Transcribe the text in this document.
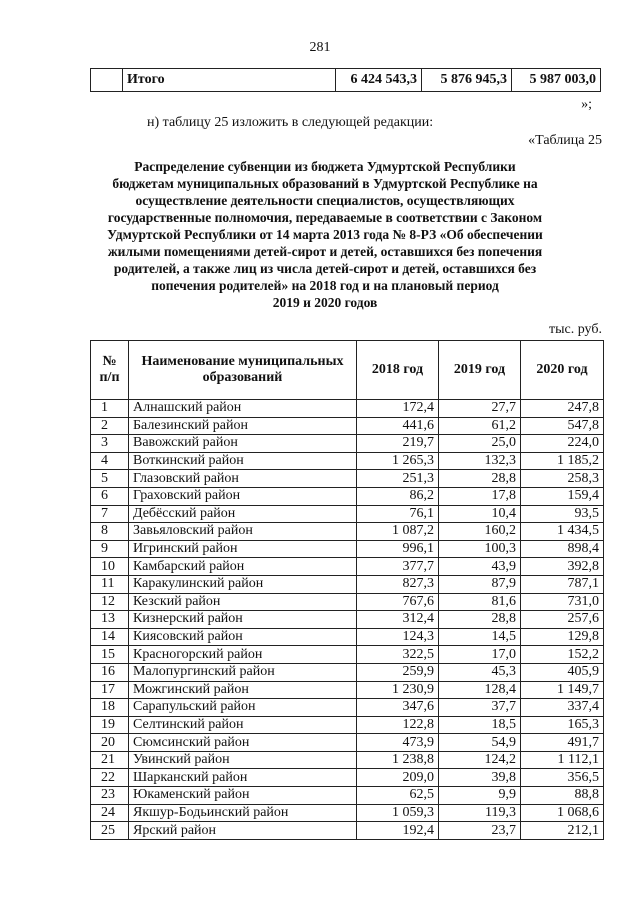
281
	Итого	6 424 543,3	5 876 945,3	5 987 003,0
»;
н) таблицу 25 изложить в следующей редакции:
«Таблица 25
Распределение субвенции из бюджета Удмуртской Республики
бюджетам муниципальных образований в Удмуртской Республике на
осуществление деятельности специалистов, осуществляющих
государственные полномочия, передаваемые в соответствии с Законом
Удмуртской Республики от 14 марта 2013 года № 8-РЗ «Об обеспечении
жилыми помещениями детей-сирот и детей, оставшихся без попечения
родителей, а также лиц из числа детей-сирот и детей, оставшихся без
попечения родителей» на 2018 год и на плановый период
2019 и 2020 годов
тыс. руб.
№ п/п	Наименование муниципальных образований	2018 год	2019 год	2020 год
1	Алнашский район	172,4	27,7	247,8
2	Балезинский район	441,6	61,2	547,8
3	Вавожский район	219,7	25,0	224,0
4	Воткинский район	1 265,3	132,3	1 185,2
5	Глазовский район	251,3	28,8	258,3
6	Граховский район	86,2	17,8	159,4
7	Дебёсский район	76,1	10,4	93,5
8	Завьяловский район	1 087,2	160,2	1 434,5
9	Игринский район	996,1	100,3	898,4
10	Камбарский район	377,7	43,9	392,8
11	Каракулинский район	827,3	87,9	787,1
12	Кезский район	767,6	81,6	731,0
13	Кизнерский район	312,4	28,8	257,6
14	Киясовский район	124,3	14,5	129,8
15	Красногорский район	322,5	17,0	152,2
16	Малопургинский район	259,9	45,3	405,9
17	Можгинский район	1 230,9	128,4	1 149,7
18	Сарапульский район	347,6	37,7	337,4
19	Селтинский район	122,8	18,5	165,3
20	Сюмсинский район	473,9	54,9	491,7
21	Увинский район	1 238,8	124,2	1 112,1
22	Шарканский район	209,0	39,8	356,5
23	Юкаменский район	62,5	9,9	88,8
24	Якшур-Бодьинский район	1 059,3	119,3	1 068,6
25	Ярский район	192,4	23,7	212,1
